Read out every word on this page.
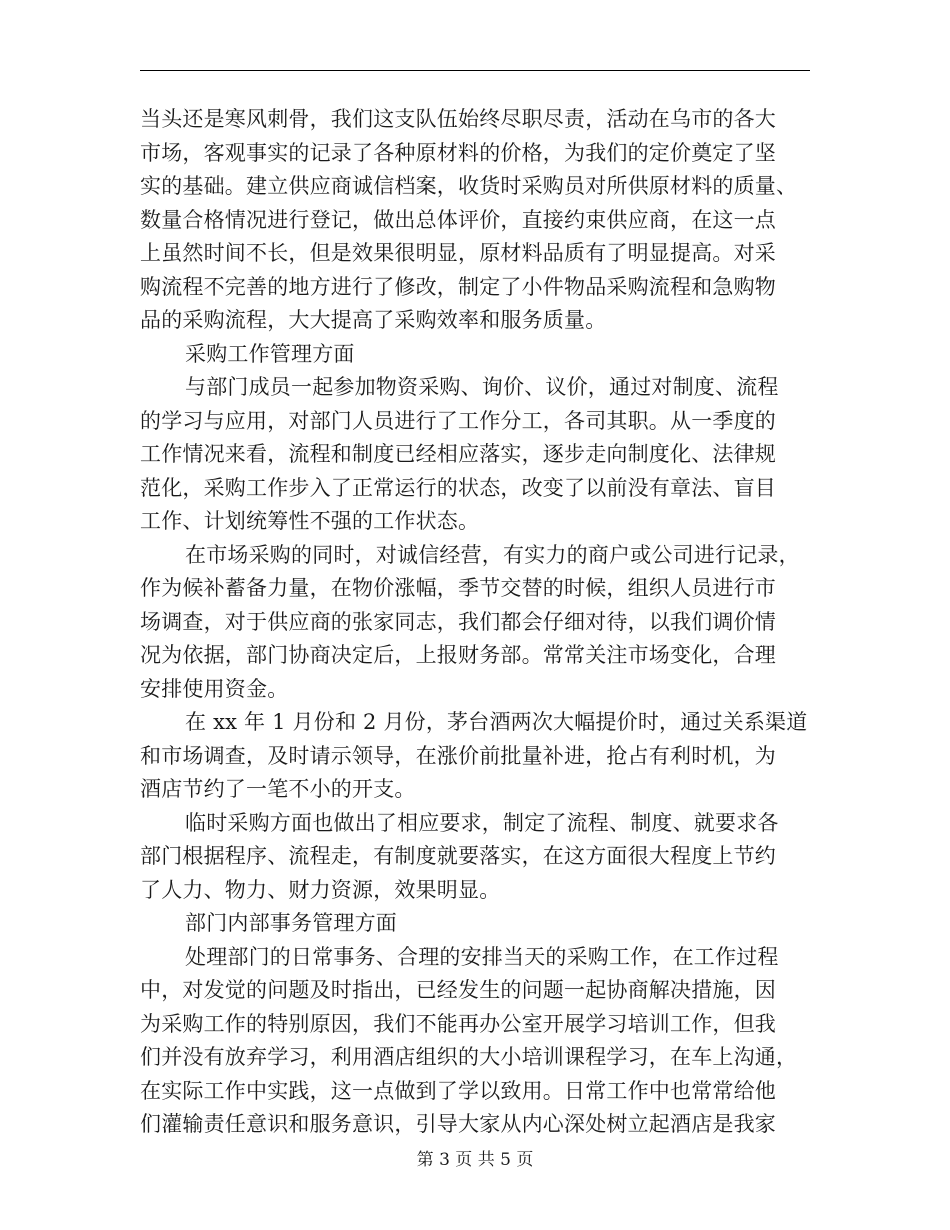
当头还是寒风刺骨，我们这支队伍始终尽职尽责，活动在乌市的各大
市场，客观事实的记录了各种原材料的价格，为我们的定价奠定了坚
实的基础。建立供应商诚信档案，收货时采购员对所供原材料的质量、
数量合格情况进行登记，做出总体评价，直接约束供应商，在这一点
上虽然时间不长，但是效果很明显，原材料品质有了明显提高。对采
购流程不完善的地方进行了修改，制定了小件物品采购流程和急购物
品的采购流程，大大提高了采购效率和服务质量。
采购工作管理方面
与部门成员一起参加物资采购、询价、议价，通过对制度、流程
的学习与应用，对部门人员进行了工作分工，各司其职。从一季度的
工作情况来看，流程和制度已经相应落实，逐步走向制度化、法律规
范化，采购工作步入了正常运行的状态，改变了以前没有章法、盲目
工作、计划统筹性不强的工作状态。
在市场采购的同时，对诚信经营，有实力的商户或公司进行记录，
作为候补蓄备力量，在物价涨幅，季节交替的时候，组织人员进行市
场调查，对于供应商的张家同志，我们都会仔细对待，以我们调价情
况为依据，部门协商决定后，上报财务部。常常关注市场变化，合理
安排使用资金。
在 xx 年 1 月份和 2 月份，茅台酒两次大幅提价时，通过关系渠道
和市场调查，及时请示领导，在涨价前批量补进，抢占有利时机，为
酒店节约了一笔不小的开支。
临时采购方面也做出了相应要求，制定了流程、制度、就要求各
部门根据程序、流程走，有制度就要落实，在这方面很大程度上节约
了人力、物力、财力资源，效果明显。
部门内部事务管理方面
处理部门的日常事务、合理的安排当天的采购工作，在工作过程
中，对发觉的问题及时指出，已经发生的问题一起协商解决措施，因
为采购工作的特别原因，我们不能再办公室开展学习培训工作，但我
们并没有放弃学习，利用酒店组织的大小培训课程学习，在车上沟通，
在实际工作中实践，这一点做到了学以致用。日常工作中也常常给他
们灌输责任意识和服务意识，引导大家从内心深处树立起酒店是我家
第 3 页 共 5 页
